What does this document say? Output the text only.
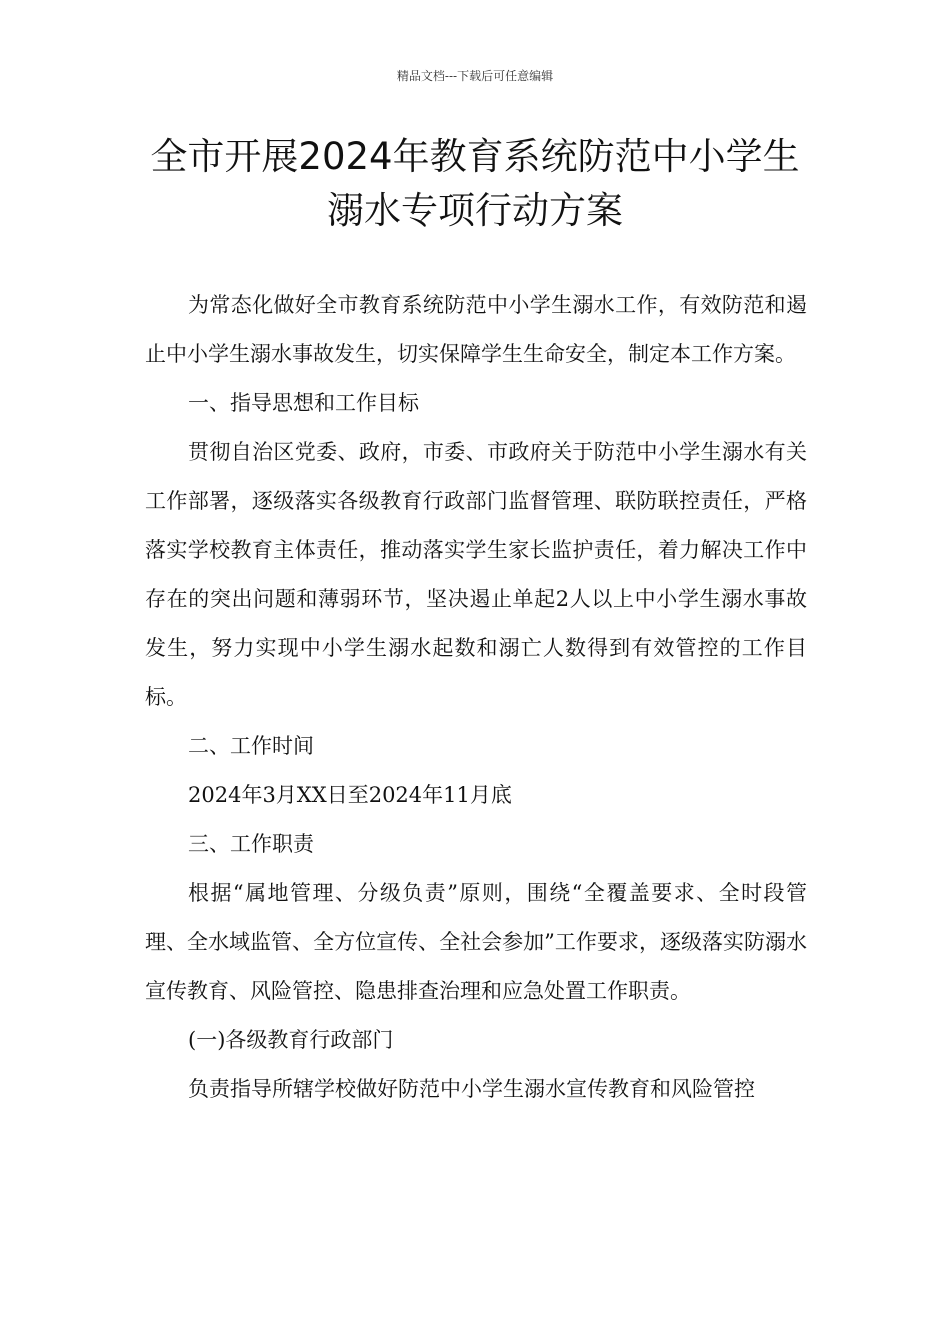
精品文档---下载后可任意编辑
全市开展2024年教育系统防范中小学生溺水专项行动方案

为常态化做好全市教育系统防范中小学生溺水工作，有效防范和遏止中小学生溺水事故发生，切实保障学生生命安全，制定本工作方案。

一、指导思想和工作目标

贯彻自治区党委、政府，市委、市政府关于防范中小学生溺水有关工作部署，逐级落实各级教育行政部门监督管理、联防联控责任，严格落实学校教育主体责任，推动落实学生家长监护责任，着力解决工作中存在的突出问题和薄弱环节，坚决遏止单起2人以上中小学生溺水事故发生，努力实现中小学生溺水起数和溺亡人数得到有效管控的工作目标。

二、工作时间

2024年3月XX日至2024年11月底

三、工作职责

根据“属地管理、分级负责”原则，围绕“全覆盖要求、全时段管理、全水域监管、全方位宣传、全社会参加”工作要求，逐级落实防溺水宣传教育、风险管控、隐患排查治理和应急处置工作职责。

(一)各级教育行政部门

负责指导所辖学校做好防范中小学生溺水宣传教育和风险管控
